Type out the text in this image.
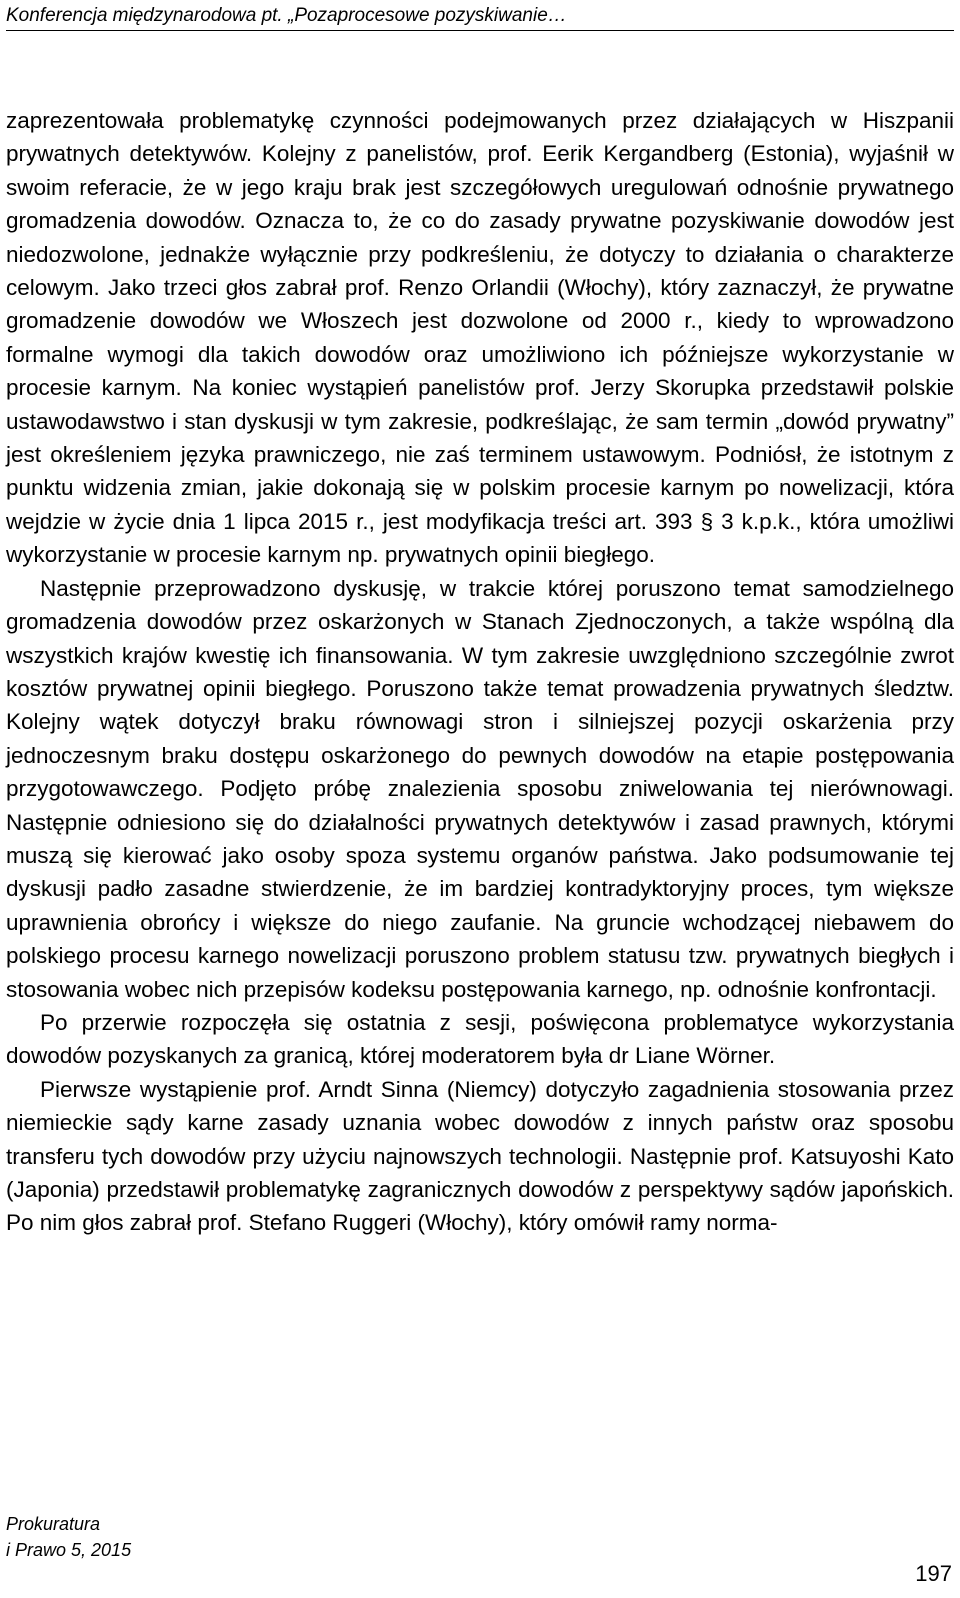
Konferencja międzynarodowa pt. „Pozaprocesowe pozyskiwanie…

zaprezentowała problematykę czynności podejmowanych przez działających w Hiszpanii prywatnych detektywów. Kolejny z panelistów, prof. Eerik Kergandberg (Estonia), wyjaśnił w swoim referacie, że w jego kraju brak jest szczegółowych uregulowań odnośnie prywatnego gromadzenia dowodów. Oznacza to, że co do zasady prywatne pozyskiwanie dowodów jest niedozwolone, jednakże wyłącznie przy podkreśleniu, że dotyczy to działania o charakterze celowym. Jako trzeci głos zabrał prof. Renzo Orlandii (Włochy), który zaznaczył, że prywatne gromadzenie dowodów we Włoszech jest dozwolone od 2000 r., kiedy to wprowadzono formalne wymogi dla takich dowodów oraz umożliwiono ich późniejsze wykorzystanie w procesie karnym. Na koniec wystąpień panelistów prof. Jerzy Skorupka przedstawił polskie ustawodawstwo i stan dyskusji w tym zakresie, podkreślając, że sam termin „dowód prywatny” jest określeniem języka prawniczego, nie zaś terminem ustawowym. Podniósł, że istotnym z punktu widzenia zmian, jakie dokonają się w polskim procesie karnym po nowelizacji, która wejdzie w życie dnia 1 lipca 2015 r., jest modyfikacja treści art. 393 § 3 k.p.k., która umożliwi wykorzystanie w procesie karnym np. prywatnych opinii biegłego.

Następnie przeprowadzono dyskusję, w trakcie której poruszono temat samodzielnego gromadzenia dowodów przez oskarżonych w Stanach Zjednoczonych, a także wspólną dla wszystkich krajów kwestię ich finansowania. W tym zakresie uwzględniono szczególnie zwrot kosztów prywatnej opinii biegłego. Poruszono także temat prowadzenia prywatnych śledztw. Kolejny wątek dotyczył braku równowagi stron i silniejszej pozycji oskarżenia przy jednoczesnym braku dostępu oskarżonego do pewnych dowodów na etapie postępowania przygotowawczego. Podjęto próbę znalezienia sposobu zniwelowania tej nierównowagi. Następnie odniesiono się do działalności prywatnych detektywów i zasad prawnych, którymi muszą się kierować jako osoby spoza systemu organów państwa. Jako podsumowanie tej dyskusji padło zasadne stwierdzenie, że im bardziej kontradyktoryjny proces, tym większe uprawnienia obrońcy i większe do niego zaufanie. Na gruncie wchodzącej niebawem do polskiego procesu karnego nowelizacji poruszono problem statusu tzw. prywatnych biegłych i stosowania wobec nich przepisów kodeksu postępowania karnego, np. odnośnie konfrontacji.

Po przerwie rozpoczęła się ostatnia z sesji, poświęcona problematyce wykorzystania dowodów pozyskanych za granicą, której moderatorem była dr Liane Wörner.

Pierwsze wystąpienie prof. Arndt Sinna (Niemcy) dotyczyło zagadnienia stosowania przez niemieckie sądy karne zasady uznania wobec dowodów z innych państw oraz sposobu transferu tych dowodów przy użyciu najnowszych technologii. Następnie prof. Katsuyoshi Kato (Japonia) przedstawił problematykę zagranicznych dowodów z perspektywy sądów japońskich. Po nim głos zabrał prof. Stefano Ruggeri (Włochy), który omówił ramy norma-

Prokuratura
i Prawo 5, 2015
197
